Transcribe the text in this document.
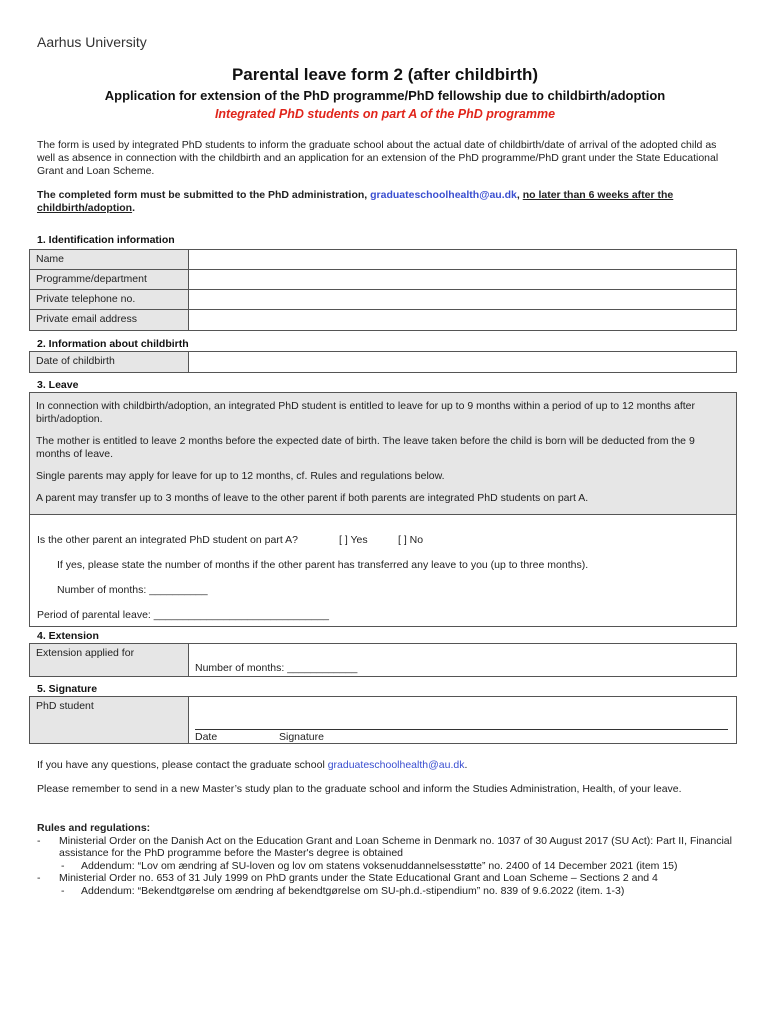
Aarhus University
Parental leave form 2 (after childbirth)
Application for extension of the PhD programme/PhD fellowship due to childbirth/adoption
Integrated PhD students on part A of the PhD programme
The form is used by integrated PhD students to inform the graduate school about the actual date of childbirth/date of arrival of the adopted child as well as absence in connection with the childbirth and an application for an extension of the PhD programme/PhD grant under the State Educational Grant and Loan Scheme.
The completed form must be submitted to the PhD administration, graduateschoolhealth@au.dk, no later than 6 weeks after the childbirth/adoption.
1. Identification information
Name
Programme/department
Private telephone no.
Private email address
2. Information about childbirth
Date of childbirth
3. Leave

In connection with childbirth/adoption, an integrated PhD student is entitled to leave for up to 9 months within a period of up to 12 months after birth/adoption.

The mother is entitled to leave 2 months before the expected date of birth. The leave taken before the child is born will be deducted from the 9 months of leave.

Single parents may apply for leave for up to 12 months, cf. Rules and regulations below.

A parent may transfer up to 3 months of leave to the other parent if both parents are integrated PhD students on part A.

Is the other parent an integrated PhD student on part A?	[ ] Yes	[ ] No
If yes, please state the number of months if the other parent has transferred any leave to you (up to three months).
Number of months: __________
Period of parental leave: ______________________________
4. Extension
Extension applied for
Number of months: ____________
5. Signature
PhD student
Date	Signature
If you have any questions, please contact the graduate school graduateschoolhealth@au.dk.
Please remember to send in a new Master’s study plan to the graduate school and inform the Studies Administration, Health, of your leave.
Rules and regulations:
- Ministerial Order on the Danish Act on the Education Grant and Loan Scheme in Denmark no. 1037 of 30 August 2017 (SU Act): Part II, Financial assistance for the PhD programme before the Master's degree is obtained
- Addendum: “Lov om ændring af SU-loven og lov om statens voksenuddannelsesstøtte” no. 2400 of 14 December 2021 (item 15)
- Ministerial Order no. 653 of 31 July 1999 on PhD grants under the State Educational Grant and Loan Scheme – Sections 2 and 4
- Addendum: “Bekendtgørelse om ændring af bekendtgørelse om SU-ph.d.-stipendium” no. 839 of 9.6.2022 (item. 1-3)
